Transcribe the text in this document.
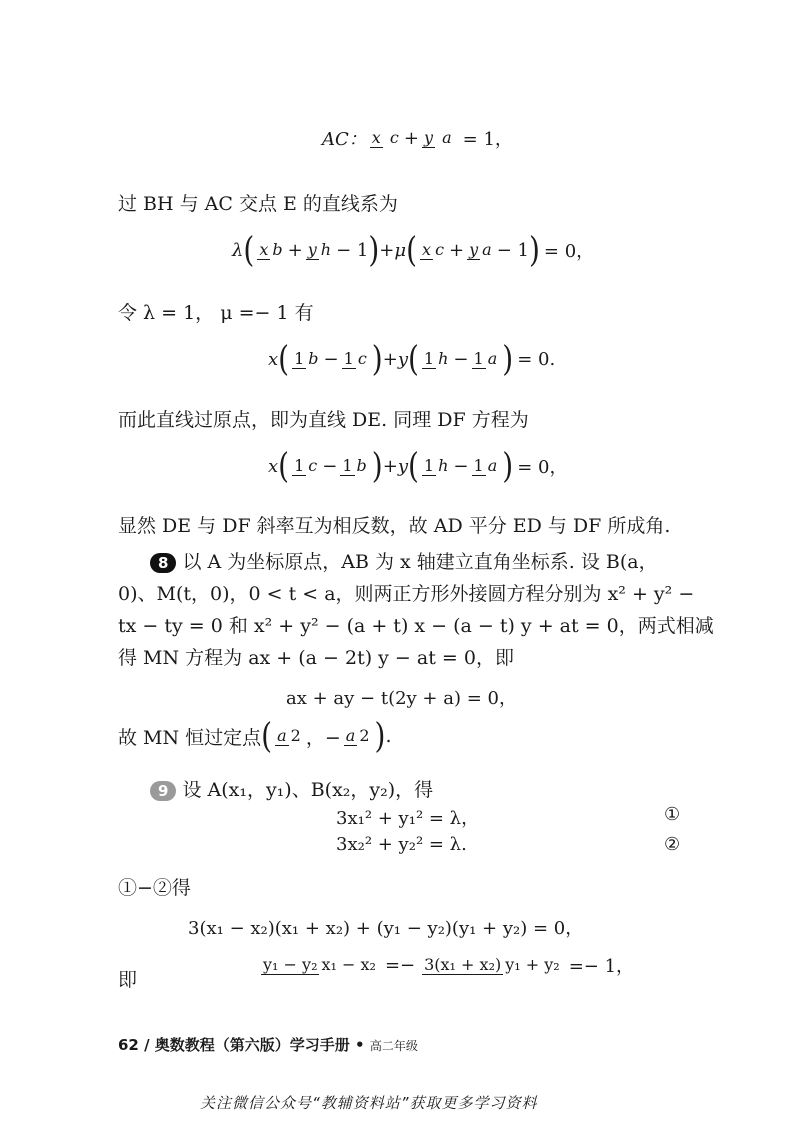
AC： x c + y a = 1，
过 BH 与 AC 交点 E 的直线系为
λ ( x b + y h − 1 ) + μ ( x c + y a − 1 ) = 0，
令 λ = 1， μ =− 1 有
x ( 1 b − 1 c ) + y ( 1 h − 1 a ) = 0.
而此直线过原点，即为直线 DE. 同理 DF 方程为
x ( 1 c − 1 b ) + y ( 1 h − 1 a ) = 0，
显然 DE 与 DF 斜率互为相反数，故 AD 平分 ED 与 DF 所成角.
8 以 A 为坐标原点，AB 为 x 轴建立直角坐标系. 设 B(a，
0)、M(t，0)，0 < t < a，则两正方形外接圆方程分别为 x² + y² −
tx − ty = 0 和 x² + y² − (a + t) x − (a − t) y + at = 0，两式相减
得 MN 方程为 ax + (a − 2t) y − at = 0，即
ax + ay − t(2y + a) = 0，
故 MN 恒过定点 ( a 2 ，− a 2 ) .
9 设 A(x₁，y₁)、B(x₂，y₂)，得
3x₁² + y₁² = λ，	①
3x₂² + y₂² = λ.	②
①−②得
3(x₁ − x₂)(x₁ + x₂) + (y₁ − y₂)(y₁ + y₂) = 0，
即
y₁ − y₂ x₁ − x₂ =− 3(x₁ + x₂) y₁ + y₂ =− 1，
62 / 奥数教程（第六版）学习手册 • 高二年级
关注微信公众号“教辅资料站”获取更多学习资料
